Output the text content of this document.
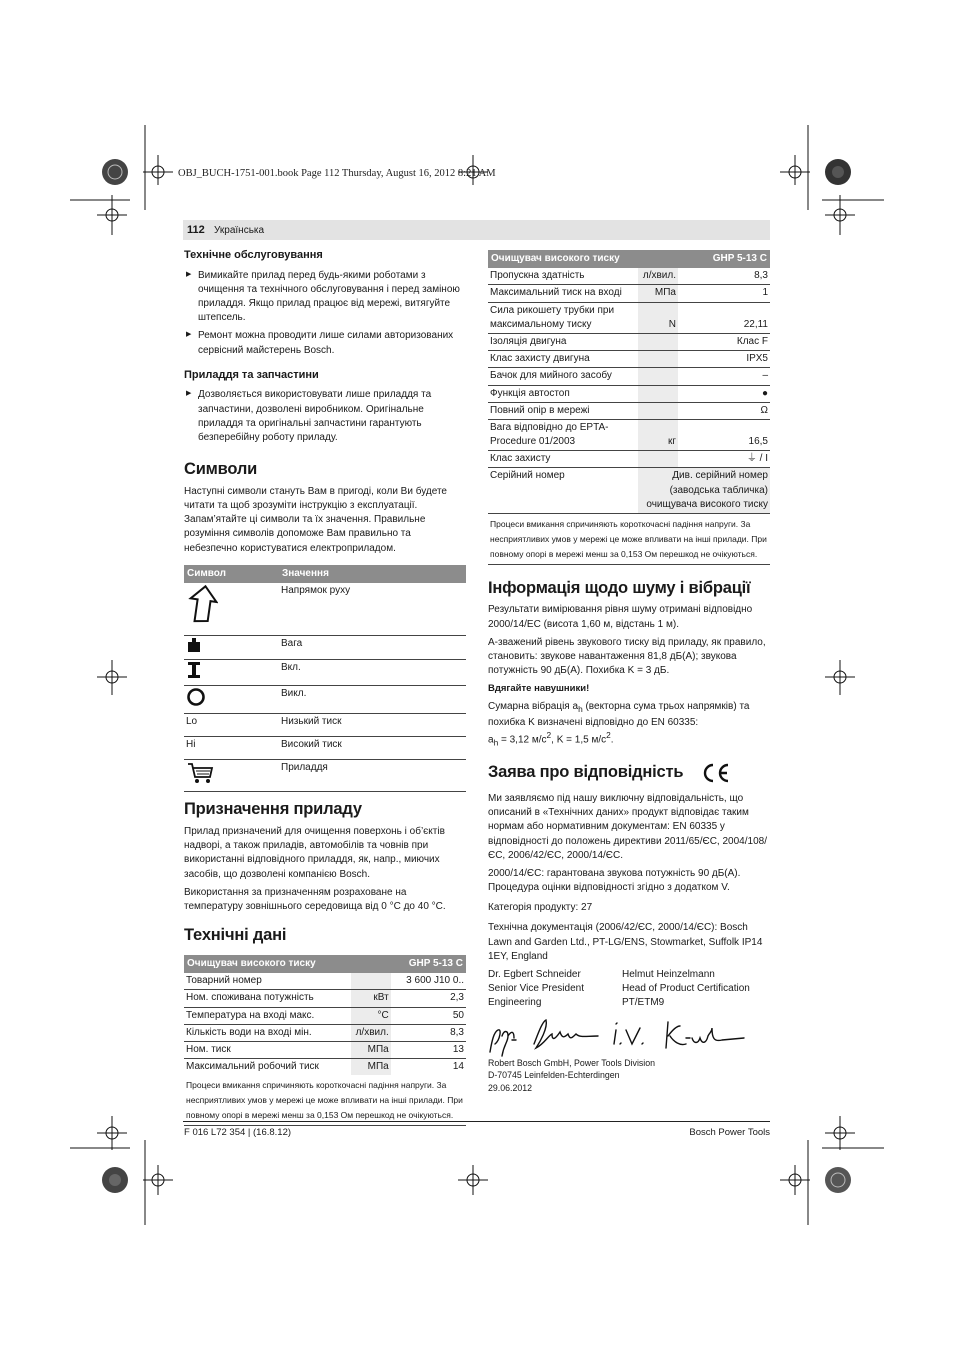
OBJ_BUCH-1751-001.book Page 112 Thursday, August 16, 2012 8:21 AM
112 Українська
Технічне обслуговування
▶ Вимикайте прилад перед будь-якими роботами з очищення та технічного обслуговування і перед заміною приладдя. Якщо прилад працює від мережі, витягуйте штепсель.
▶ Ремонт можна проводити лише силами авторизованих сервісний майстерень Bosch.
Приладдя та запчастини
▶ Дозволяється використовувати лише приладдя та запчастини, дозволені виробником. Оригінальне приладдя та оригінальні запчастини гарантують безперебійну роботу приладу.
Символи

Наступні символи стануть Вам в пригоді, коли Ви будете читати та щоб зрозуміти інструкцію з експлуатації. Запам’ятайте ці символи та їх значення. Правильне розуміння символів допоможе Вам правильно та небезпечно користуватися електроприладом.

Символ	Значення
	Напрямок руху
	Вага
	Вкл.
	Викл.
Lo	Низький тиск
Hi	Високий тиск
	Приладдя
Призначення приладу

Прилад призначений для очищення поверхонь і об’єктів надворі, а також приладів, автомобілів та човнів при використанні відповідного приладдя, як, напр., миючих засобів, що дозволені компанією Bosch.

Використання за призначенням розраховане на температуру зовнішнього середовища від 0 °C до 40 °C.

Технічні дані
Очищувач високого тиску		GHP 5-13 C
Товарний номер		3 600 J10 0..
Ном. споживана потужність	кВт	2,3
Температура на вході макс.	°C	50
Кількість води на вході мін.	л/хвил.	8,3
Ном. тиск	МПа	13
Максимальний робочий тиск	МПа	14
Процеси вмикання спричиняють короткочасні падіння напруги. За несприятливих умов у мережі це може впливати на інші прилади. При повному опорі в мережі менш за 0,153 Ом перешкод не очікуються.
Очищувач високого тиску		GHP 5-13 C
Пропускна здатність	л/хвил.	8,3
Максимальний тиск на вході	МПа	1
Сила рикошету трубки при максимальному тиску	N	22,11
Ізоляція двигуна		Клас F
Клас захисту двигуна		IPX5
Бачок для мийного засобу		–
Функція автостоп		●
Повний опір в мережі		Ω
Вага відповідно до EPTA-Procedure 01/2003	кг	16,5
Клас захисту		⏚ / I
Серійний номер	Див. серійний номер (заводська табличка) очищувача високого тиску	
Процеси вмикання спричиняють короткочасні падіння напруги. За несприятливих умов у мережі це може впливати на інші прилади. При повному опорі в мережі менш за 0,153 Ом перешкод не очікуються.
Інформація щодо шуму і вібрації

Результати вимірювання рівня шуму отримані відповідно 2000/14/ЕС (висота 1,60 м, відстань 1 м).

А-зважений рівень звукового тиску від приладу, як правило, становить: звукове навантаження 81,8 дБ(А); звукова потужність 90 дБ(А). Похибка K = 3 дБ.

Вдягайте навушники!

Сумарна вібрація $a_h$ (векторна сума трьох напрямків) та похибка K визначені відповідно до EN 60335:
$a_h = 3,12$ $м/с^2$, K = 1,5 $м/с^2$.

Заява про відповідність

Ми заявляємо під нашу виключну відповідальність, що описаний в «Технічних даних» продукт відповідає таким нормам або нормативним документам: EN 60335 у відповідності до положень директиви 2011/65/ЄС, 2004/108/ЄС, 2006/42/ЄС, 2000/14/ЄС.

2000/14/ЄС: гарантована звукова потужність 90 дБ(А). Процедура оцінки відповідності згідно з додатком V.

Категорія продукту: 27

Технічна документація (2006/42/ЄС, 2000/14/ЄС): Bosch Lawn and Garden Ltd., PT-LG/ENS, Stowmarket, Suffolk IP14 1EY, England

Dr. Egbert Schneider
Senior Vice President
Engineering
Helmut Heinzelmann
Head of Product Certification
PT/ETM9
Robert Bosch GmbH, Power Tools Division
D-70745 Leinfelden-Echterdingen
29.06.2012
F 016 L72 354 | (16.8.12)	Bosch Power Tools
